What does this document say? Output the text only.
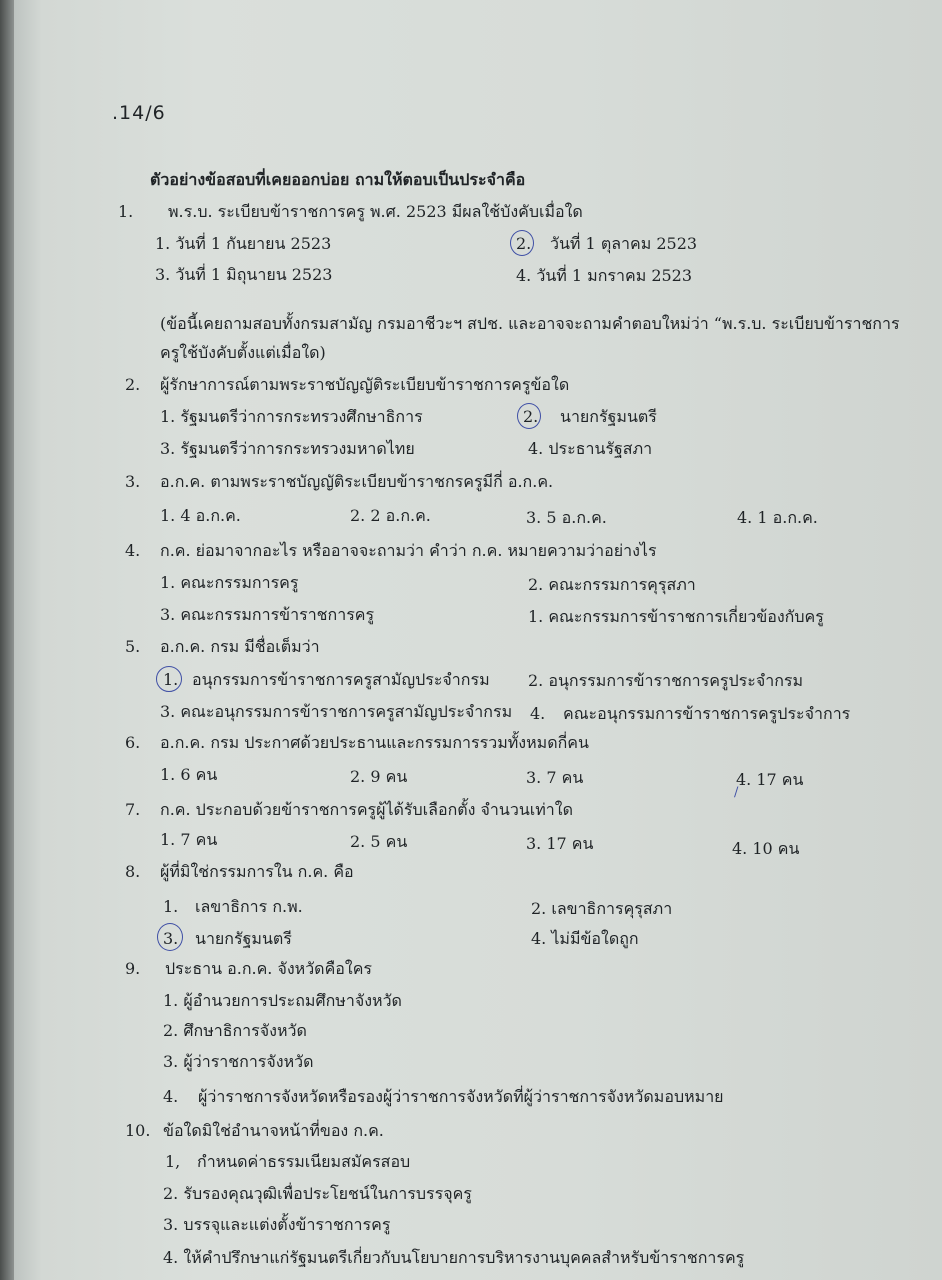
.14/6
ตัวอย่างข้อสอบที่เคยออกบ่อย ถามให้ตอบเป็นประจำคือ
1. พ.ร.บ. ระเบียบข้าราชการครู พ.ศ. 2523 มีผลใช้บังคับเมื่อใด
1. วันที่ 1 กันยายน 2523	2. วันที่ 1 ตุลาคม 2523
3. วันที่ 1 มิถุนายน 2523	4. วันที่ 1 มกราคม 2523
(ข้อนี้เคยถามสอบทั้งกรมสามัญ กรมอาชีวะฯ สปช. และอาจจะถามคำตอบใหม่ว่า “พ.ร.บ. ระเบียบข้าราชการ
ครูใช้บังคับตั้งแต่เมื่อใด)
2. ผู้รักษาการณ์ตามพระราชบัญญัติระเบียบข้าราชการครูข้อใด
1. รัฐมนตรีว่าการกระทรวงศึกษาธิการ	2. นายกรัฐมนตรี
3. รัฐมนตรีว่าการกระทรวงมหาดไทย	4. ประธานรัฐสภา
3. อ.ก.ค. ตามพระราชบัญญัติระเบียบข้าราชกรครูมีกี่ อ.ก.ค.
1. 4 อ.ก.ค.	2. 2 อ.ก.ค.	3. 5 อ.ก.ค.	4. 1 อ.ก.ค.
4. ก.ค. ย่อมาจากอะไร หรืออาจจะถามว่า คำว่า ก.ค. หมายความว่าอย่างไร
1. คณะกรรมการครู	2. คณะกรรมการคุรุสภา
3. คณะกรรมการข้าราชการครู	1. คณะกรรมการข้าราชการเกี่ยวข้องกับครู
5. อ.ก.ค. กรม มีชื่อเต็มว่า
1. อนุกรรมการข้าราชการครูสามัญประจำกรม 2. อนุกรรมการข้าราชการครูประจำกรม
3. คณะอนุกรรมการข้าราชการครูสามัญประจำกรม 4. คณะอนุกรรมการข้าราชการครูประจำการ
6. อ.ก.ค. กรม ประกาศด้วยประธานและกรรมการรวมทั้งหมดกี่คน
1. 6 คน	2. 9 คน	3. 7 คน	4. 17 คน
/
7. ก.ค. ประกอบด้วยข้าราชการครูผู้ได้รับเลือกตั้ง จำนวนเท่าใด
1. 7 คน	2. 5 คน	3. 17 คน	4. 10 คน
8. ผู้ที่มิใช่กรรมการใน ก.ค. คือ
1. เลขาธิการ ก.พ.	2. เลขาธิการคุรุสภา
3. นายกรัฐมนตรี	4. ไม่มีข้อใดถูก
9. ประธาน อ.ก.ค. จังหวัดคือใคร
1. ผู้อำนวยการประถมศึกษาจังหวัด
2. ศึกษาธิการจังหวัด
3. ผู้ว่าราชการจังหวัด
4. ผู้ว่าราชการจังหวัดหรือรองผู้ว่าราชการจังหวัดที่ผู้ว่าราชการจังหวัดมอบหมาย
10. ข้อใดมิใช่อำนาจหน้าที่ของ ก.ค.
1, กำหนดค่าธรรมเนียมสมัครสอบ
2. รับรองคุณวุฒิเพื่อประโยชน์ในการบรรจุครู
3. บรรจุและแต่งตั้งข้าราชการครู
4. ให้คำปรึกษาแก่รัฐมนตรีเกี่ยวกับนโยบายการบริหารงานบุคคลสำหรับข้าราชการครู
